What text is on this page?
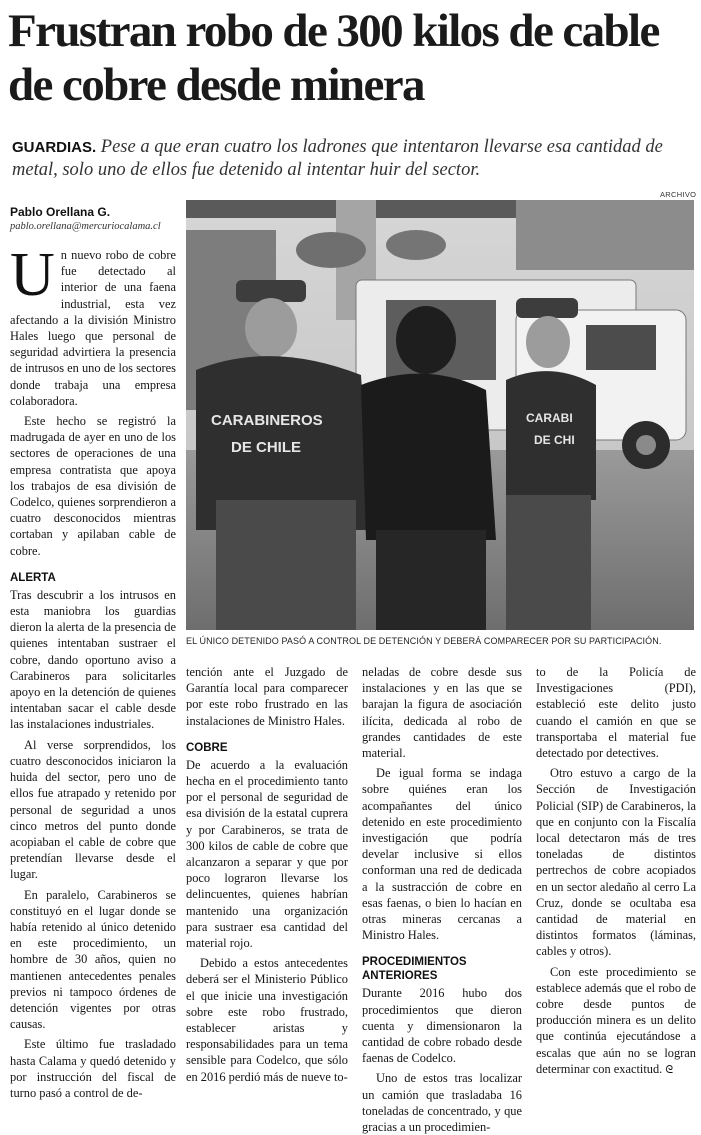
Frustran robo de 300 kilos de cable de cobre desde minera
GUARDIAS. Pese a que eran cuatro los ladrones que intentaron llevarse esa cantidad de metal, solo uno de ellos fue detenido al intentar huir del sector.
Pablo Orellana G.
pablo.orellana@mercuriocalama.cl
ARCHIVO
CARABINEROS
DE CHILE
CARABI
DE CHI
EL ÚNICO DETENIDO PASÓ A CONTROL DE DETENCIÓN Y DEBERÁ COMPARECER POR SU PARTICIPACIÓN.

Un nuevo robo de cobre fue detectado al interior de una faena industrial, esta vez afectando a la división Ministro Hales luego que personal de seguridad advirtiera la presencia de intrusos en uno de los sectores donde trabaja una empresa colaboradora.

Este hecho se registró la madrugada de ayer en uno de los sectores de operaciones de una empresa contratista que apoya los trabajos de esa división de Codelco, quienes sorprendieron a cuatro desconocidos mientras cortaban y apilaban cable de cobre.

ALERTA

Tras descubrir a los intrusos en esta maniobra los guardias dieron la alerta de la presencia de quienes intentaban sustraer el cobre, dando oportuno aviso a Carabineros para solicitarles apoyo en la detención de quienes intentaban sacar el cable desde las instalaciones industriales.

Al verse sorprendidos, los cuatro desconocidos iniciaron la huida del sector, pero uno de ellos fue atrapado y retenido por personal de seguridad a unos cinco metros del punto donde acopiaban el cable de cobre que pretendían llevarse desde el lugar.

En paralelo, Carabineros se constituyó en el lugar donde se había retenido al único detenido en este procedimiento, un hombre de 30 años, quien no mantienen antecedentes penales previos ni tampoco órdenes de detención vigentes por otras causas.

Este último fue trasladado hasta Calama y quedó detenido y por instrucción del fiscal de turno pasó a control de de-

tención ante el Juzgado de Garantía local para comparecer por este robo frustrado en las instalaciones de Ministro Hales.

COBRE

De acuerdo a la evaluación hecha en el procedimiento tanto por el personal de seguridad de esa división de la estatal cuprera y por Carabineros, se trata de 300 kilos de cable de cobre que alcanzaron a separar y que por poco lograron llevarse los delincuentes, quienes habrían mantenido una organización para sustraer esa cantidad del material rojo.

Debido a estos antecedentes deberá ser el Ministerio Público el que inicie una investigación sobre este robo frustrado, establecer aristas y responsabilidades para un tema sensible para Codelco, que sólo en 2016 perdió más de nueve to-

neladas de cobre desde sus instalaciones y en las que se barajan la figura de asociación ilícita, dedicada al robo de grandes cantidades de este material.

De igual forma se indaga sobre quiénes eran los acompañantes del único detenido en este procedimiento investigación que podría develar inclusive si ellos conforman una red de dedicada a la sustracción de cobre en esas faenas, o bien lo hacían en otras mineras cercanas a Ministro Hales.

PROCEDIMIENTOS ANTERIORES

Durante 2016 hubo dos procedimientos que dieron cuenta y dimensionaron la cantidad de cobre robado desde faenas de Codelco.

Uno de estos tras localizar un camión que trasladaba 16 toneladas de concentrado, y que gracias a un procedimien-

to de la Policía de Investigaciones (PDI), estableció este delito justo cuando el camión en que se transportaba el material fue detectado por detectives.

Otro estuvo a cargo de la Sección de Investigación Policial (SIP) de Carabineros, la que en conjunto con la Fiscalía local detectaron más de tres toneladas de distintos pertrechos de cobre acopiados en un sector aledaño al cerro La Cruz, donde se ocultaba esa cantidad de material en distintos formatos (láminas, cables y otros).

Con este procedimiento se establece además que el robo de cobre desde puntos de producción minera es un delito que continúa ejecutándose a escalas que aún no se logran determinar con exactitud. ᘓ
